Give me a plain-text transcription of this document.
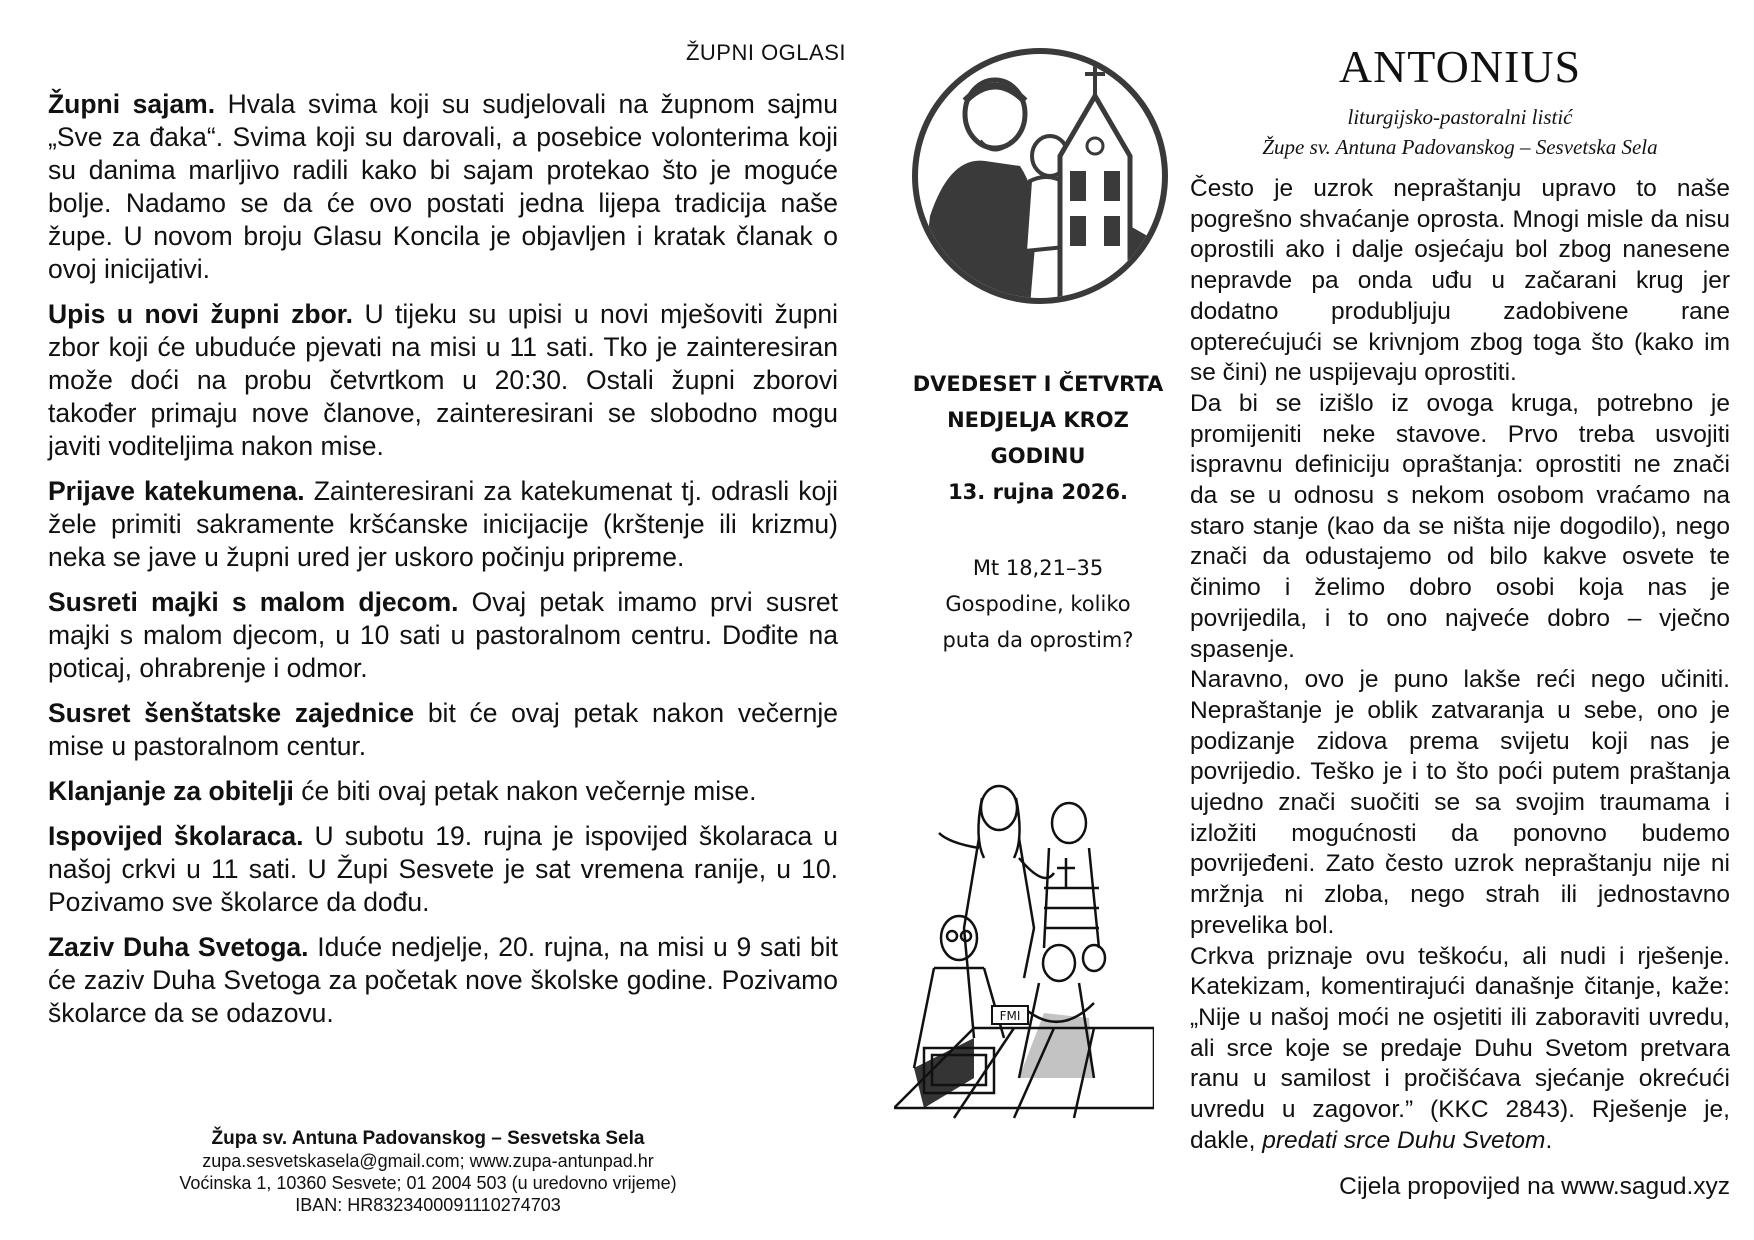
ŽUPNI OGLASI

Župni sajam. Hvala svima koji su sudjelovali na župnom sajmu „Sve za đaka“. Svima koji su darovali, a posebice volonterima koji su danima marljivo radili kako bi sajam protekao što je moguće bolje. Nadamo se da će ovo postati jedna lijepa tradicija naše župe. U novom broju Glasu Koncila je objavljen i kratak članak o ovoj inicijativi.

Upis u novi župni zbor. U tijeku su upisi u novi mješoviti župni zbor koji će ubuduće pjevati na misi u 11 sati. Tko je zainteresiran može doći na probu četvrtkom u 20:30. Ostali župni zborovi također primaju nove članove, zainteresirani se slobodno mogu javiti voditeljima nakon mise.

Prijave katekumena. Zainteresirani za katekumenat tj. odrasli koji žele primiti sakramente kršćanske inicijacije (krštenje ili krizmu) neka se jave u župni ured jer uskoro počinju pripreme.

Susreti majki s malom djecom. Ovaj petak imamo prvi susret majki s malom djecom, u 10 sati u pastoralnom centru. Dođite na poticaj, ohrabrenje i odmor.

Susret šenštatske zajednice bit će ovaj petak nakon večernje mise u pastoralnom centur.

Klanjanje za obitelji će biti ovaj petak nakon večernje mise.

Ispovijed školaraca. U subotu 19. rujna je ispovijed školaraca u našoj crkvi u 11 sati. U Župi Sesvete je sat vremena ranije, u 10. Pozivamo sve školarce da dođu.

Zaziv Duha Svetoga. Iduće nedjelje, 20. rujna, na misi u 9 sati bit će zaziv Duha Svetoga za početak nove školske godine. Pozivamo školarce da se odazovu.

Župa sv. Antuna Padovanskog – Sesvetska Sela
zupa.sesvetskasela@gmail.com; www.zupa-antunpad.hr
Voćinska 1, 10360 Sesvete; 01 2004 503 (u uredovno vrijeme)
IBAN: HR8323400091110274703
DVEDESET I ČETVRTA
NEDJELJA KROZ
GODINU
13. rujna 2026.
Mt 18,21–35
Gospodine, koliko
puta da oprostim?
FMI
ANTONIUS
liturgijsko-pastoralni listić
Župe sv. Antuna Padovanskog – Sesvetska Sela

Često je uzrok nepraštanju upravo to naše pogrešno shvaćanje oprosta. Mnogi misle da nisu oprostili ako i dalje osjećaju bol zbog nanesene nepravde pa onda uđu u začarani krug jer dodatno produbljuju zadobivene rane opterećujući se krivnjom zbog toga što (kako im se čini) ne uspijevaju oprostiti.

Da bi se izišlo iz ovoga kruga, potrebno je promijeniti neke stavove. Prvo treba usvojiti ispravnu definiciju opraštanja: oprostiti ne znači da se u odnosu s nekom osobom vraćamo na staro stanje (kao da se ništa nije dogodilo), nego znači da odustajemo od bilo kakve osvete te činimo i želimo dobro osobi koja nas je povrijedila, i to ono najveće dobro – vječno spasenje.

Naravno, ovo je puno lakše reći nego učiniti. Nepraštanje je oblik zatvaranja u sebe, ono je podizanje zidova prema svijetu koji nas je povrijedio. Teško je i to što poći putem praštanja ujedno znači suočiti se sa svojim traumama i izložiti mogućnosti da ponovno budemo povrijeđeni. Zato često uzrok nepraštanju nije ni mržnja ni zloba, nego strah ili jednostavno prevelika bol.

Crkva priznaje ovu teškoću, ali nudi i rješenje. Katekizam, komentirajući današnje čitanje, kaže: „Nije u našoj moći ne osjetiti ili zaboraviti uvredu, ali srce koje se predaje Duhu Svetom pretvara ranu u samilost i pročišćava sjećanje okrećući uvredu u zagovor.” (KKC 2843). Rješenje je, dakle, predati srce Duhu Svetom.

Cijela propovijed na www.sagud.xyz
